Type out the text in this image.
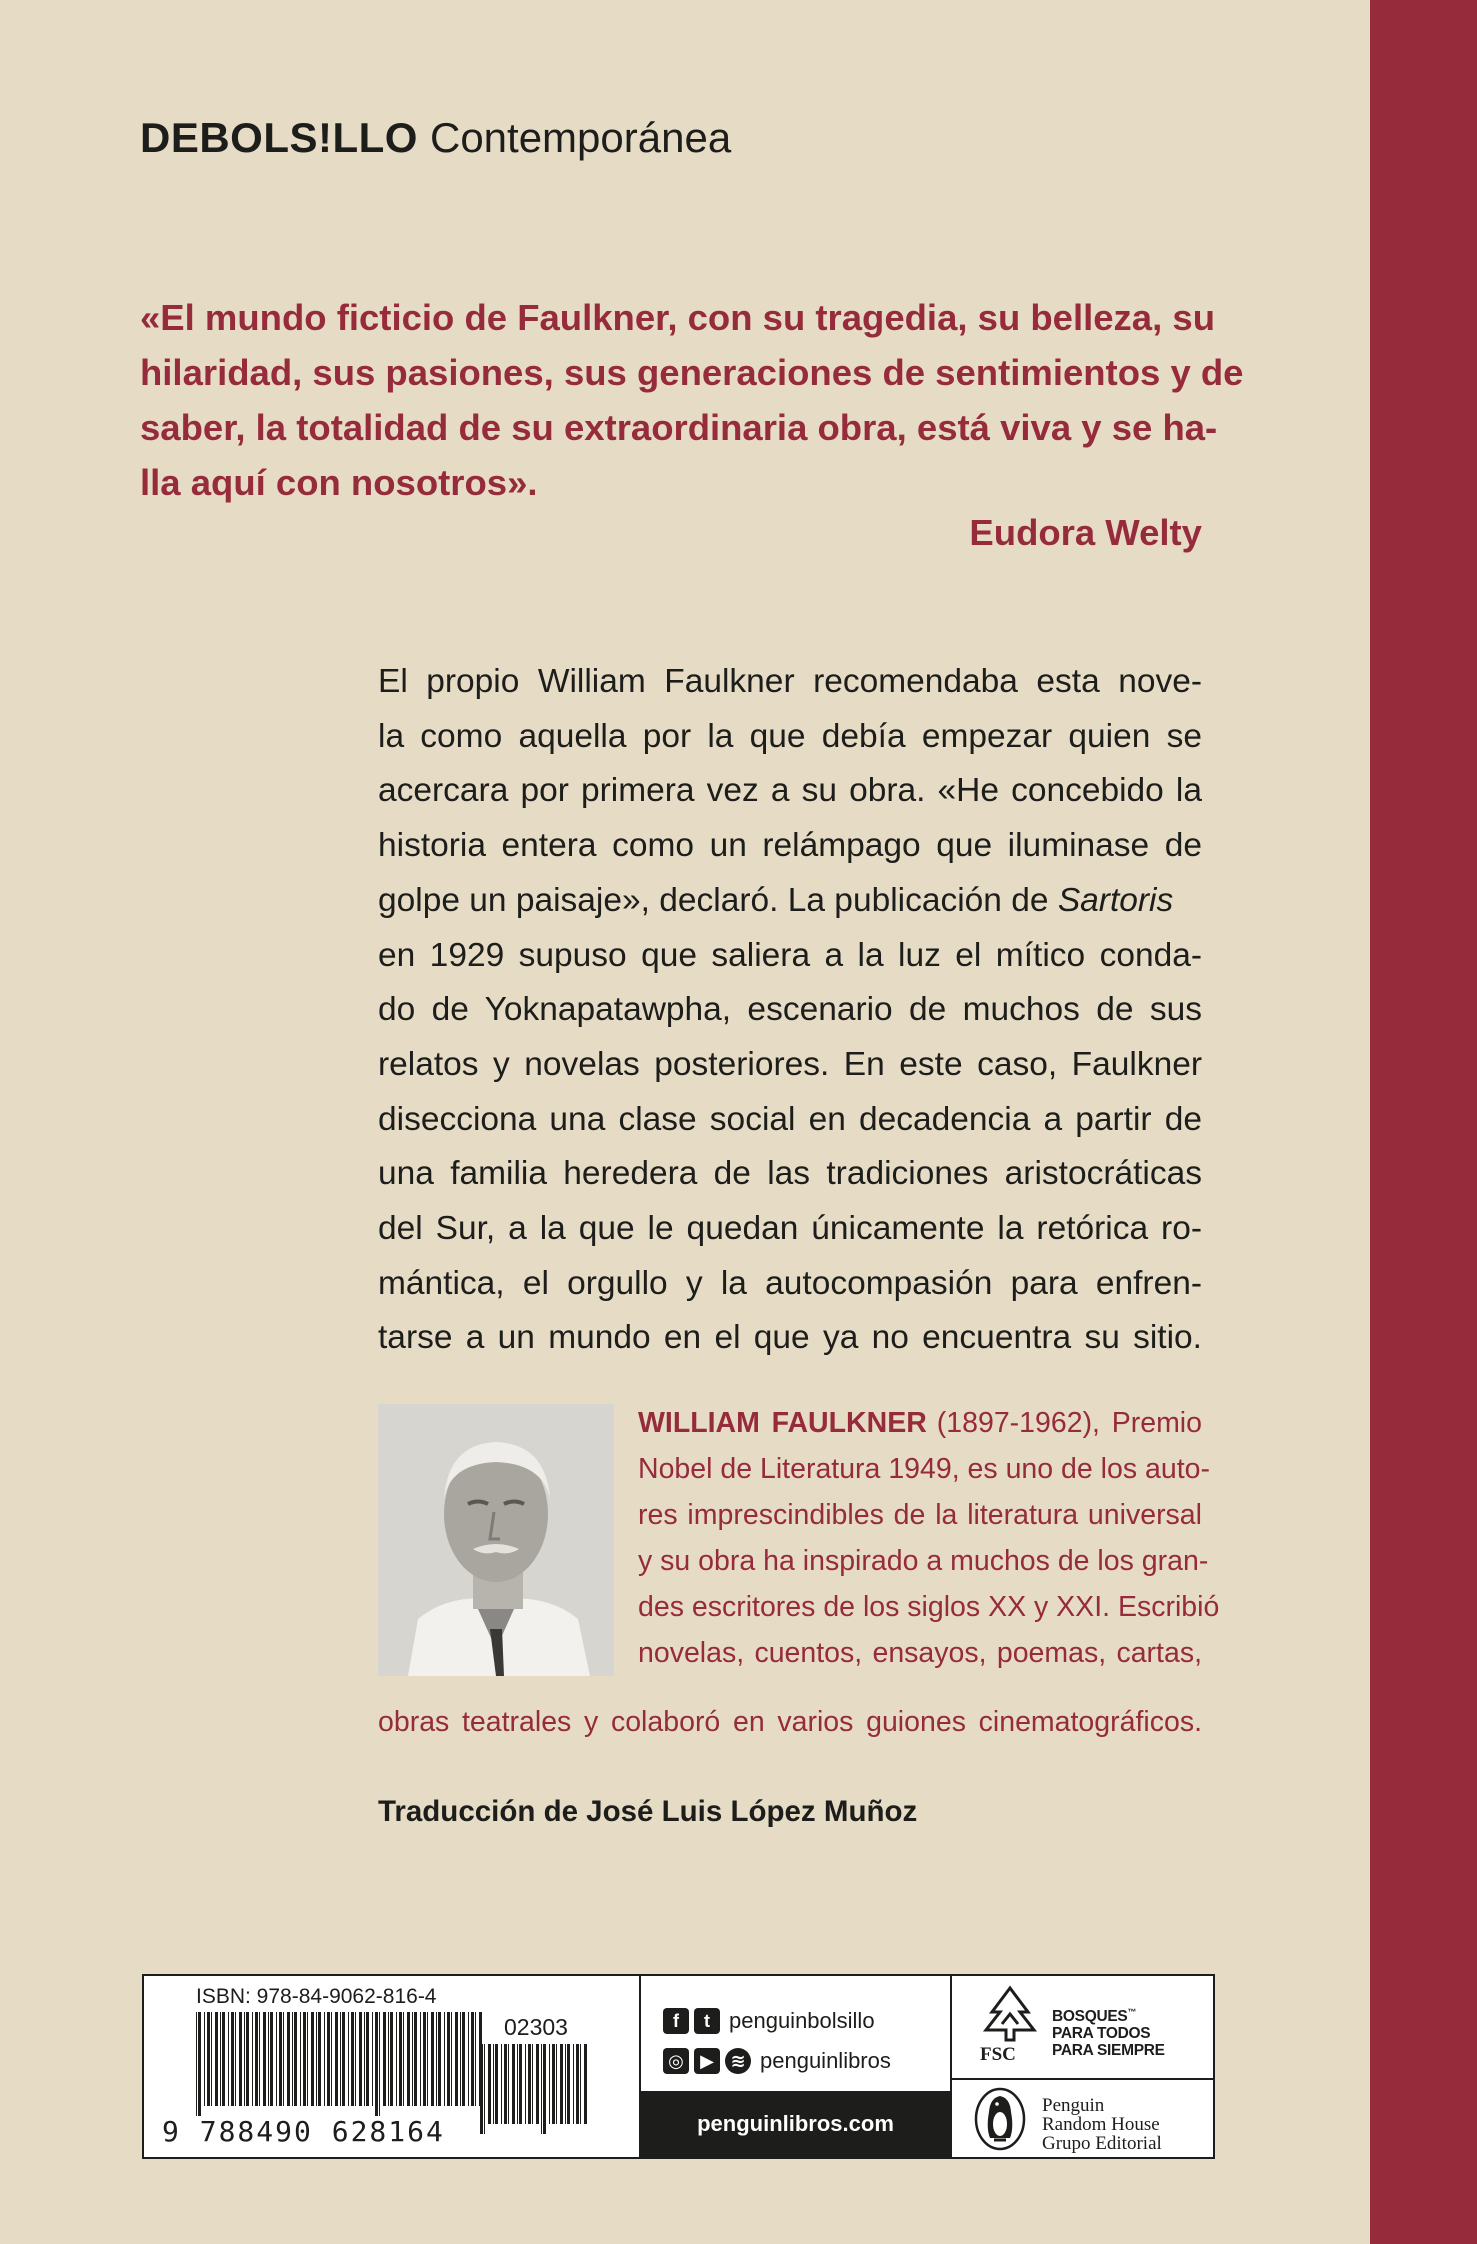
DEBOLS!LLO Contemporánea
«El mundo ficticio de Faulkner, con su tragedia, su belleza, su
hilaridad, sus pasiones, sus generaciones de sentimientos y de
saber, la totalidad de su extraordinaria obra, está viva y se ha-
lla aquí con nosotros».
Eudora Welty
El propio William Faulkner recomendaba esta nove-
la como aquella por la que debía empezar quien se
acercara por primera vez a su obra. «He concebido la
historia entera como un relámpago que iluminase de
golpe un paisaje», declaró. La publicación de Sartoris
en 1929 supuso que saliera a la luz el mítico conda-
do de Yoknapatawpha, escenario de muchos de sus
relatos y novelas posteriores. En este caso, Faulkner
disecciona una clase social en decadencia a partir de
una familia heredera de las tradiciones aristocráticas
del Sur, a la que le quedan únicamente la retórica ro-
mántica, el orgullo y la autocompasión para enfren-
tarse a un mundo en el que ya no encuentra su sitio.
WILLIAM FAULKNER (1897-1962), Premio
Nobel de Literatura 1949, es uno de los auto-
res imprescindibles de la literatura universal
y su obra ha inspirado a muchos de los gran-
des escritores de los siglos XX y XXI. Escribió
novelas, cuentos, ensayos, poemas, cartas,
obras teatrales y colaboró en varios guiones cinematográficos.
Traducción de José Luis López Muñoz
ISBN: 978-84-9062-816-4
02303
9 788490 628164
f	t penguinbolsillo
◎ ▶ ≋ penguinlibros
penguinlibros.com
FSC
BOSQUES™
PARA TODOS
PARA SIEMPRE
Penguin
Random House
Grupo Editorial
